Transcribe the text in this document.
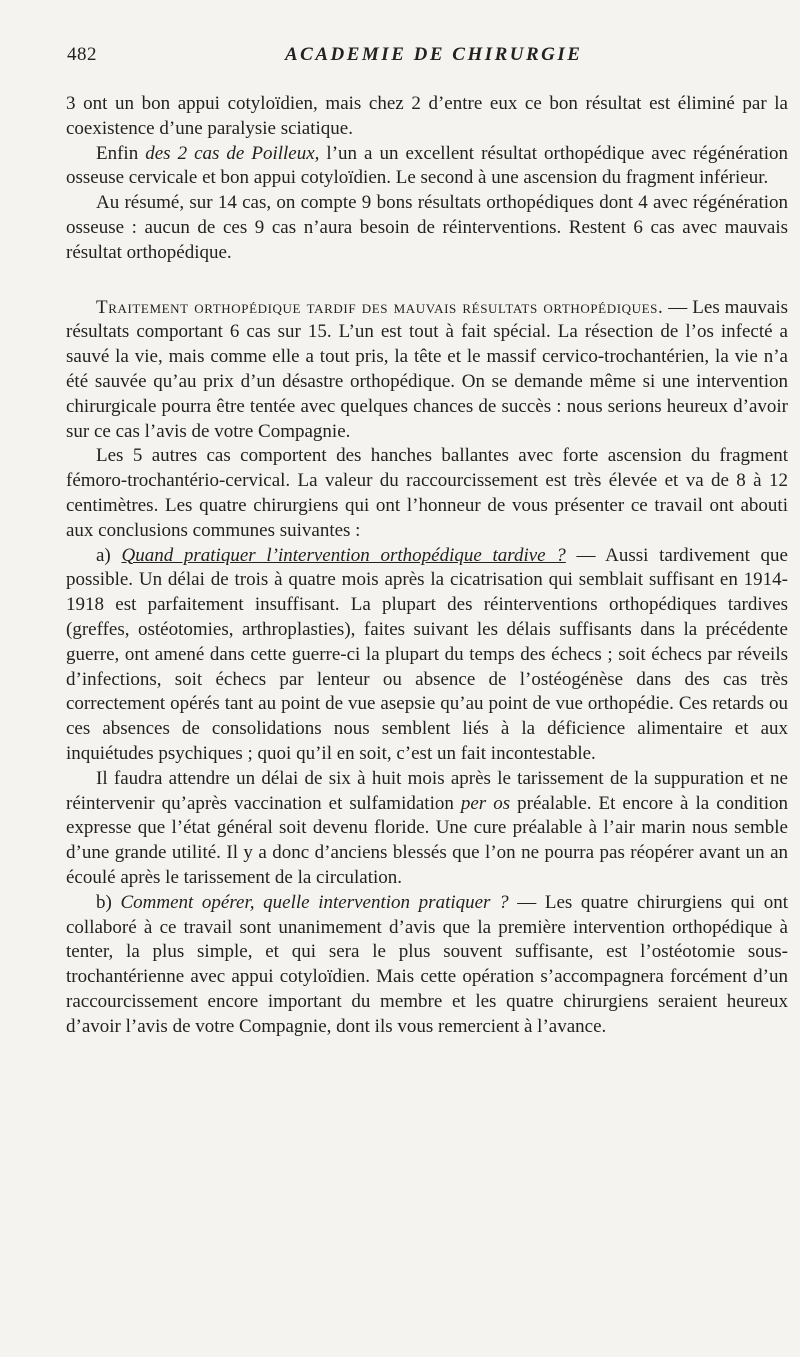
482	ACADEMIE DE CHIRURGIE

3 ont un bon appui cotyloïdien, mais chez 2 d’entre eux ce bon résultat est éliminé par la coexistence d’une paralysie sciatique.

Enfin des 2 cas de Poilleux, l’un a un excellent résultat orthopédique avec régénération osseuse cervicale et bon appui cotyloïdien. Le second à une ascension du fragment inférieur.

Au résumé, sur 14 cas, on compte 9 bons résultats orthopédiques dont 4 avec régénération osseuse : aucun de ces 9 cas n’aura besoin de réinterventions. Restent 6 cas avec mauvais résultat orthopédique.

Traitement orthopédique tardif des mauvais résultats orthopédiques. — Les mauvais résultats comportant 6 cas sur 15. L’un est tout à fait spécial. La résection de l’os infecté a sauvé la vie, mais comme elle a tout pris, la tête et le massif cervico-trochantérien, la vie n’a été sauvée qu’au prix d’un désastre orthopédique. On se demande même si une intervention chirurgicale pourra être tentée avec quelques chances de succès : nous serions heureux d’avoir sur ce cas l’avis de votre Compagnie.

Les 5 autres cas comportent des hanches ballantes avec forte ascension du fragment fémoro-trochantério-cervical. La valeur du raccourcissement est très élevée et va de 8 à 12 centimètres. Les quatre chirurgiens qui ont l’honneur de vous présenter ce travail ont abouti aux conclusions communes suivantes :

a) Quand pratiquer l’intervention orthopédique tardive ? — Aussi tardivement que possible. Un délai de trois à quatre mois après la cicatrisation qui semblait suffisant en 1914-1918 est parfaitement insuffisant. La plupart des réinterventions orthopédiques tardives (greffes, ostéotomies, arthroplasties), faites suivant les délais suffisants dans la précédente guerre, ont amené dans cette guerre-ci la plupart du temps des échecs ; soit échecs par réveils d’infections, soit échecs par lenteur ou absence de l’ostéogénèse dans des cas très correctement opérés tant au point de vue asepsie qu’au point de vue orthopédie. Ces retards ou ces absences de consolidations nous semblent liés à la déficience alimentaire et aux inquiétudes psychiques ; quoi qu’il en soit, c’est un fait incontestable.

Il faudra attendre un délai de six à huit mois après le tarissement de la suppuration et ne réintervenir qu’après vaccination et sulfamidation per os préalable. Et encore à la condition expresse que l’état général soit devenu floride. Une cure préalable à l’air marin nous semble d’une grande utilité. Il y a donc d’anciens blessés que l’on ne pourra pas réopérer avant un an écoulé après le tarissement de la circulation.

b) Comment opérer, quelle intervention pratiquer ? — Les quatre chirurgiens qui ont collaboré à ce travail sont unanimement d’avis que la première intervention orthopédique à tenter, la plus simple, et qui sera le plus souvent suffisante, est l’ostéotomie sous-trochantérienne avec appui cotyloïdien. Mais cette opération s’accompagnera forcément d’un raccourcissement encore important du membre et les quatre chirurgiens seraient heureux d’avoir l’avis de votre Compagnie, dont ils vous remercient à l’avance.
